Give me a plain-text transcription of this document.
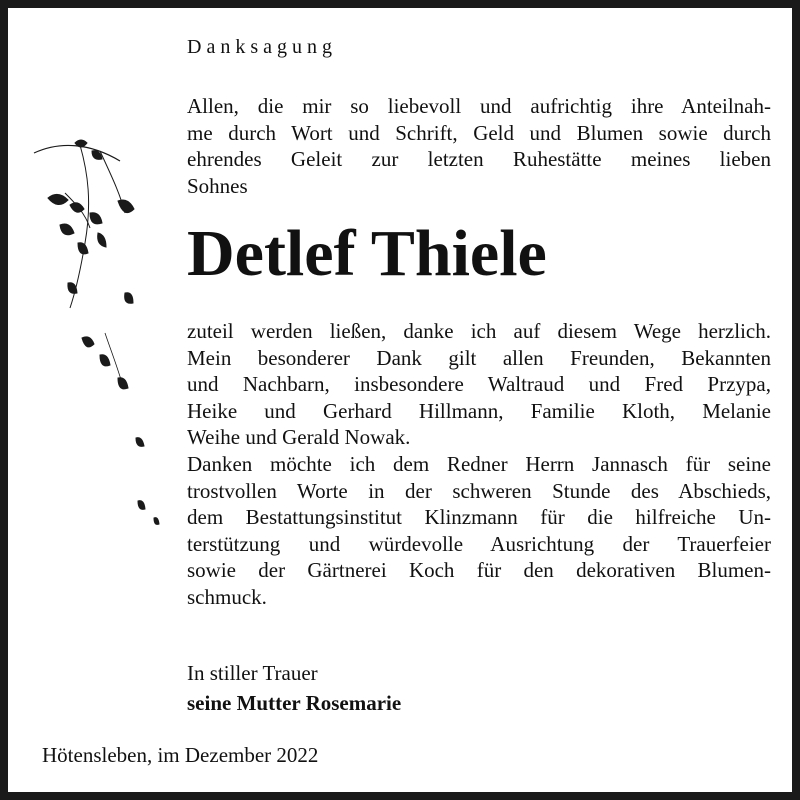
Danksagung

Allen, die mir so liebevoll und aufrichtig ihre Anteilnah-
me durch Wort und Schrift, Geld und Blumen sowie durch
ehrendes Geleit zur letzten Ruhestätte meines lieben
Sohnes

Detlef Thiele

zuteil werden ließen, danke ich auf diesem Wege herzlich.
Mein besonderer Dank gilt allen Freunden, Bekannten
und Nachbarn, insbesondere Waltraud und Fred Przypa,
Heike und Gerhard Hillmann, Familie Kloth, Melanie
Weihe und Gerald Nowak.

Danken möchte ich dem Redner Herrn Jannasch für seine
trostvollen Worte in der schweren Stunde des Abschieds,
dem Bestattungsinstitut Klinzmann für die hilfreiche Un-
terstützung und würdevolle Ausrichtung der Trauerfeier
sowie der Gärtnerei Koch für den dekorativen Blumen-
schmuck.

In stiller Trauer
seine Mutter Rosemarie
Hötensleben, im Dezember 2022
